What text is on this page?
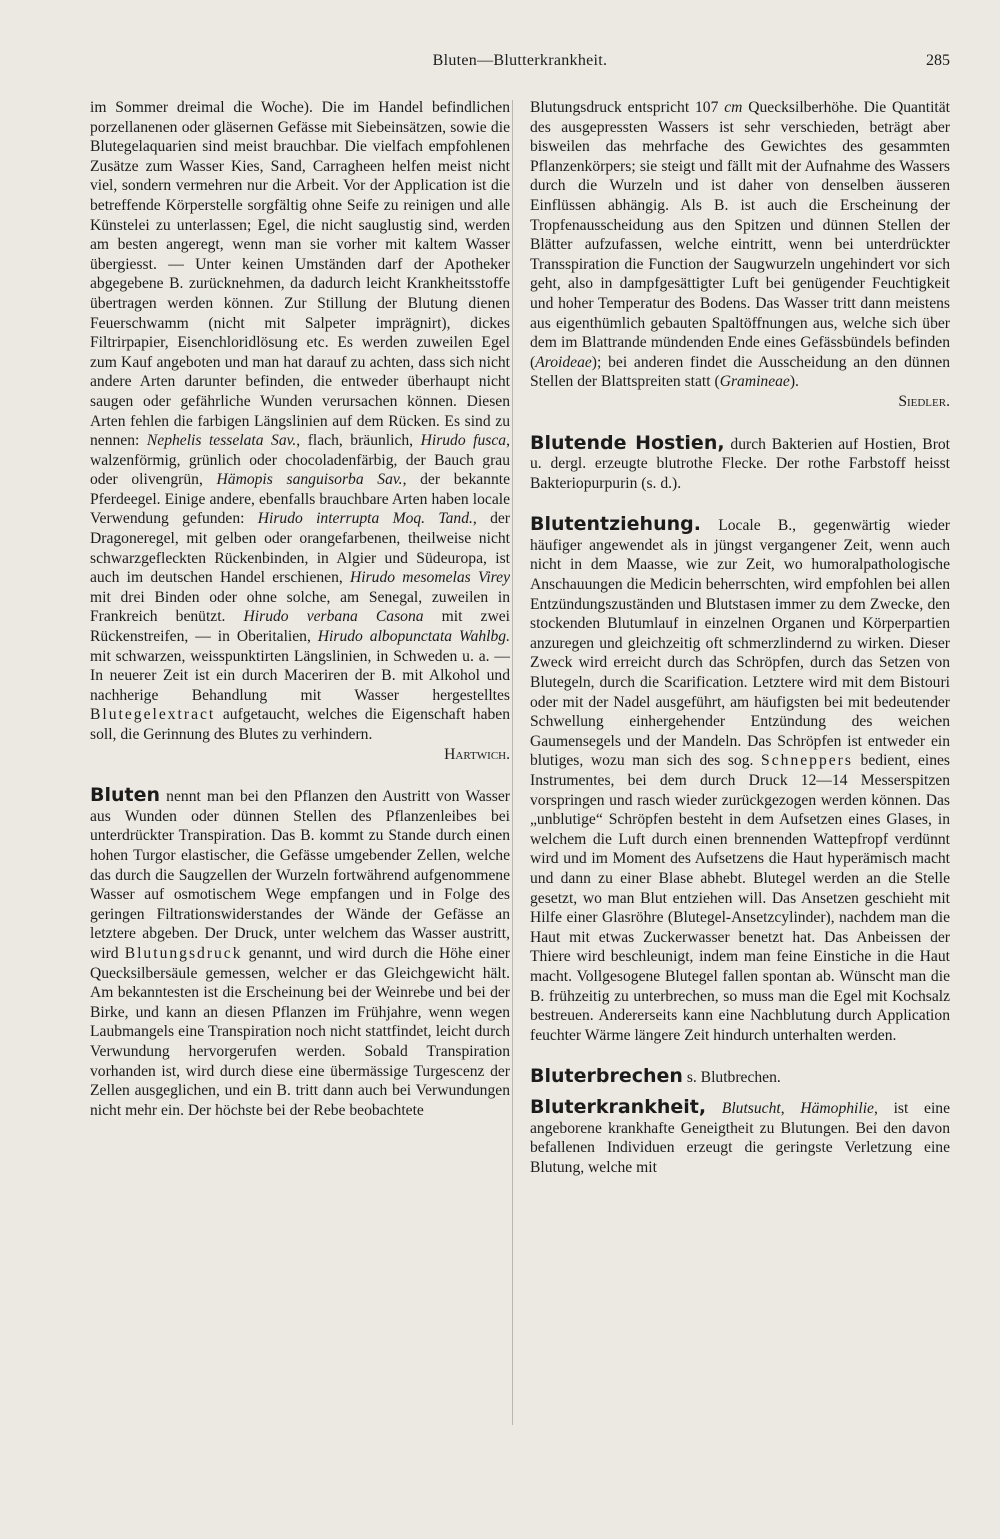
Bluten—Blutterkrankheit.	285

im Sommer dreimal die Woche). Die im Handel befindlichen porzellanenen oder gläsernen Gefässe mit Siebeinsätzen, sowie die Blutegelaquarien sind meist brauchbar. Die vielfach empfohlenen Zusätze zum Wasser Kies, Sand, Carragheen helfen meist nicht viel, sondern vermehren nur die Arbeit. Vor der Application ist die betreffende Körperstelle sorgfältig ohne Seife zu reinigen und alle Künstelei zu unterlassen; Egel, die nicht sauglustig sind, werden am besten angeregt, wenn man sie vorher mit kaltem Wasser übergiesst. — Unter keinen Umständen darf der Apotheker abgegebene B. zurücknehmen, da dadurch leicht Krankheitsstoffe übertragen werden können. Zur Stillung der Blutung dienen Feuerschwamm (nicht mit Salpeter imprägnirt), dickes Filtrirpapier, Eisenchloridlösung etc. Es werden zuweilen Egel zum Kauf angeboten und man hat darauf zu achten, dass sich nicht andere Arten darunter befinden, die entweder überhaupt nicht saugen oder gefährliche Wunden verursachen können. Diesen Arten fehlen die farbigen Längslinien auf dem Rücken. Es sind zu nennen: Nephelis tesselata Sav., flach, bräunlich, Hirudo fusca, walzenförmig, grünlich oder chocoladenfärbig, der Bauch grau oder olivengrün, Hämopis sanguisorba Sav., der bekannte Pferdeegel. Einige andere, ebenfalls brauchbare Arten haben locale Verwendung gefunden: Hirudo interrupta Moq. Tand., der Dragoneregel, mit gelben oder orangefarbenen, theilweise nicht schwarzgefleckten Rückenbinden, in Algier und Südeuropa, ist auch im deutschen Handel erschienen, Hirudo mesomelas Virey mit drei Binden oder ohne solche, am Senegal, zuweilen in Frankreich benützt. Hirudo verbana Casona mit zwei Rückenstreifen, — in Oberitalien, Hirudo albopunctata Wahlbg. mit schwarzen, weisspunktirten Längslinien, in Schweden u. a. — In neuerer Zeit ist ein durch Maceriren der B. mit Alkohol und nachherige Behandlung mit Wasser hergestelltes Blutegelextract aufgetaucht, welches die Eigenschaft haben soll, die Gerinnung des Blutes zu verhindern.
Hartwich.

Bluten nennt man bei den Pflanzen den Austritt von Wasser aus Wunden oder dünnen Stellen des Pflanzenleibes bei unterdrückter Transpiration. Das B. kommt zu Stande durch einen hohen Turgor elastischer, die Gefässe umgebender Zellen, welche das durch die Saugzellen der Wurzeln fortwährend aufgenommene Wasser auf osmotischem Wege empfangen und in Folge des geringen Filtrationswiderstandes der Wände der Gefässe an letztere abgeben. Der Druck, unter welchem das Wasser austritt, wird Blutungsdruck genannt, und wird durch die Höhe einer Quecksilbersäule gemessen, welcher er das Gleichgewicht hält. Am bekanntesten ist die Erscheinung bei der Weinrebe und bei der Birke, und kann an diesen Pflanzen im Frühjahre, wenn wegen Laubmangels eine Transpiration noch nicht stattfindet, leicht durch Verwundung hervorgerufen werden. Sobald Transpiration vorhanden ist, wird durch diese eine übermässige Turgescenz der Zellen ausgeglichen, und ein B. tritt dann auch bei Verwundungen nicht mehr ein. Der höchste bei der Rebe beobachtete

Blutungsdruck entspricht 107 cm Quecksilberhöhe. Die Quantität des ausgepressten Wassers ist sehr verschieden, beträgt aber bisweilen das mehrfache des Gewichtes des gesammten Pflanzenkörpers; sie steigt und fällt mit der Aufnahme des Wassers durch die Wurzeln und ist daher von denselben äusseren Einflüssen abhängig. Als B. ist auch die Erscheinung der Tropfenausscheidung aus den Spitzen und dünnen Stellen der Blätter aufzufassen, welche eintritt, wenn bei unterdrückter Transspiration die Function der Saugwurzeln ungehindert vor sich geht, also in dampfgesättigter Luft bei genügender Feuchtigkeit und hoher Temperatur des Bodens. Das Wasser tritt dann meistens aus eigenthümlich gebauten Spaltöffnungen aus, welche sich über dem im Blattrande mündenden Ende eines Gefässbündels befinden (Aroideae); bei anderen findet die Ausscheidung an den dünnen Stellen der Blattspreiten statt (Gramineae).
Siedler.

Blutende Hostien, durch Bakterien auf Hostien, Brot u. dergl. erzeugte blutrothe Flecke. Der rothe Farbstoff heisst Bakteriopurpurin (s. d.).

Blutentziehung. Locale B., gegenwärtig wieder häufiger angewendet als in jüngst vergangener Zeit, wenn auch nicht in dem Maasse, wie zur Zeit, wo humoralpathologische Anschauungen die Medicin beherrschten, wird empfohlen bei allen Entzündungszuständen und Blutstasen immer zu dem Zwecke, den stockenden Blutumlauf in einzelnen Organen und Körperpartien anzuregen und gleichzeitig oft schmerzlindernd zu wirken. Dieser Zweck wird erreicht durch das Schröpfen, durch das Setzen von Blutegeln, durch die Scarification. Letztere wird mit dem Bistouri oder mit der Nadel ausgeführt, am häufigsten bei mit bedeutender Schwellung einhergehender Entzündung des weichen Gaumensegels und der Mandeln. Das Schröpfen ist entweder ein blutiges, wozu man sich des sog. Schneppers bedient, eines Instrumentes, bei dem durch Druck 12—14 Messerspitzen vorspringen und rasch wieder zurückgezogen werden können. Das „unblutige“ Schröpfen besteht in dem Aufsetzen eines Glases, in welchem die Luft durch einen brennenden Wattepfropf verdünnt wird und im Moment des Aufsetzens die Haut hyperämisch macht und dann zu einer Blase abhebt. Blutegel werden an die Stelle gesetzt, wo man Blut entziehen will. Das Ansetzen geschieht mit Hilfe einer Glasröhre (Blutegel-Ansetzcylinder), nachdem man die Haut mit etwas Zuckerwasser benetzt hat. Das Anbeissen der Thiere wird beschleunigt, indem man feine Einstiche in die Haut macht. Vollgesogene Blutegel fallen spontan ab. Wünscht man die B. frühzeitig zu unterbrechen, so muss man die Egel mit Kochsalz bestreuen. Andererseits kann eine Nachblutung durch Application feuchter Wärme längere Zeit hindurch unterhalten werden.

Bluterbrechen s. Blutbrechen.

Bluterkrankheit, Blutsucht, Hämophilie, ist eine angeborene krankhafte Geneigtheit zu Blutungen. Bei den davon befallenen Individuen erzeugt die geringste Verletzung eine Blutung, welche mit
